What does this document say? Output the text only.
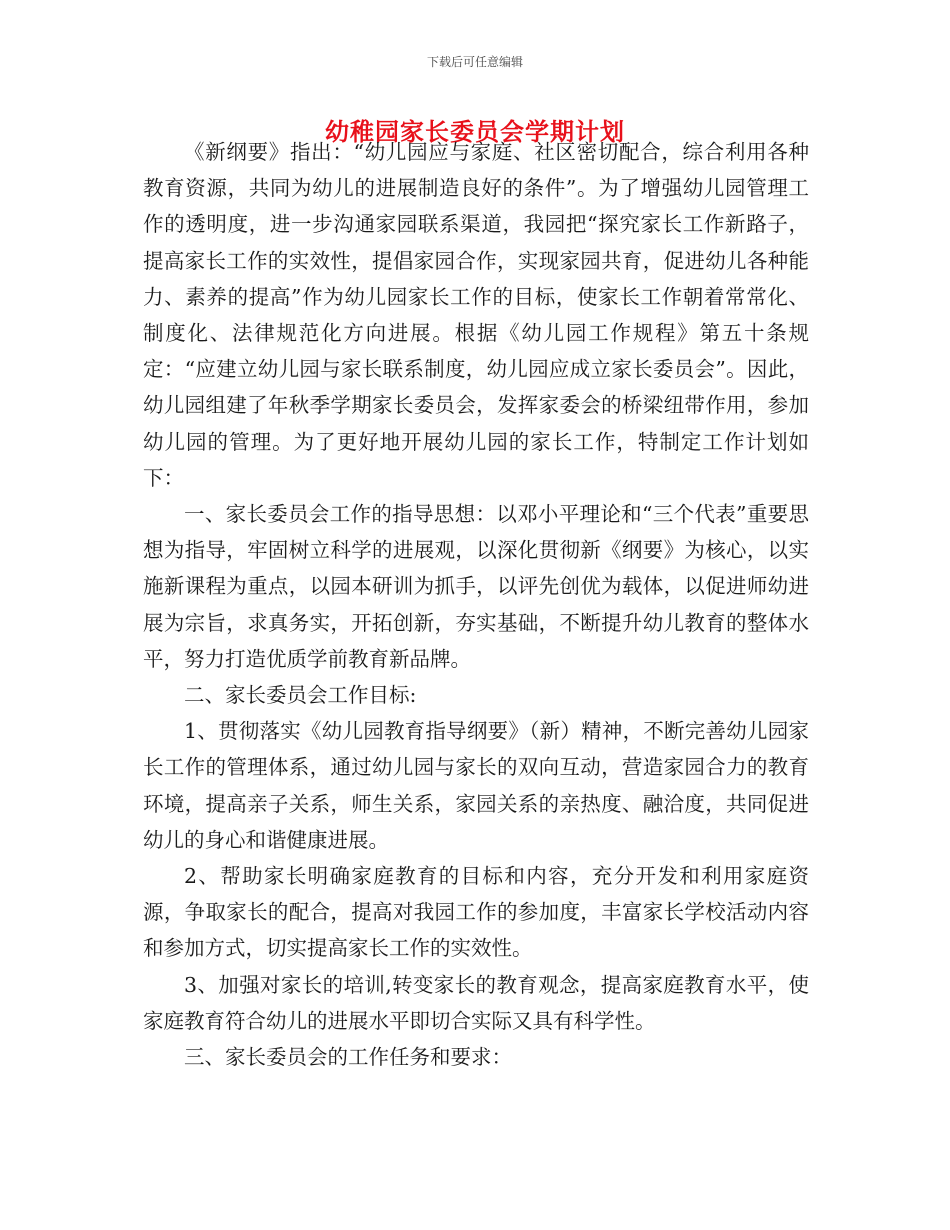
下载后可任意编辑
幼稚园家长委员会学期计划

《新纲要》指出：“幼儿园应与家庭、社区密切配合，综合利用各种教育资源，共同为幼儿的进展制造良好的条件”。为了增强幼儿园管理工作的透明度，进一步沟通家园联系渠道，我园把“探究家长工作新路子，提高家长工作的实效性，提倡家园合作，实现家园共育，促进幼儿各种能力、素养的提高”作为幼儿园家长工作的目标，使家长工作朝着常常化、制度化、法律规范化方向进展。根据《幼儿园工作规程》第五十条规定：“应建立幼儿园与家长联系制度，幼儿园应成立家长委员会”。因此，幼儿园组建了年秋季学期家长委员会，发挥家委会的桥梁纽带作用，参加幼儿园的管理。为了更好地开展幼儿园的家长工作，特制定工作计划如下：

一、家长委员会工作的指导思想：以邓小平理论和“三个代表”重要思想为指导，牢固树立科学的进展观，以深化贯彻新《纲要》为核心，以实施新课程为重点，以园本研训为抓手，以评先创优为载体，以促进师幼进展为宗旨，求真务实，开拓创新，夯实基础，不断提升幼儿教育的整体水平，努力打造优质学前教育新品牌。

二、家长委员会工作目标:

1、贯彻落实《幼儿园教育指导纲要》（新）精神，不断完善幼儿园家长工作的管理体系，通过幼儿园与家长的双向互动，营造家园合力的教育环境，提高亲子关系，师生关系，家园关系的亲热度、融洽度，共同促进幼儿的身心和谐健康进展。

2、帮助家长明确家庭教育的目标和内容，充分开发和利用家庭资源，争取家长的配合，提高对我园工作的参加度，丰富家长学校活动内容和参加方式，切实提高家长工作的实效性。

3、加强对家长的培训,转变家长的教育观念，提高家庭教育水平，使家庭教育符合幼儿的进展水平即切合实际又具有科学性。

三、家长委员会的工作任务和要求：
